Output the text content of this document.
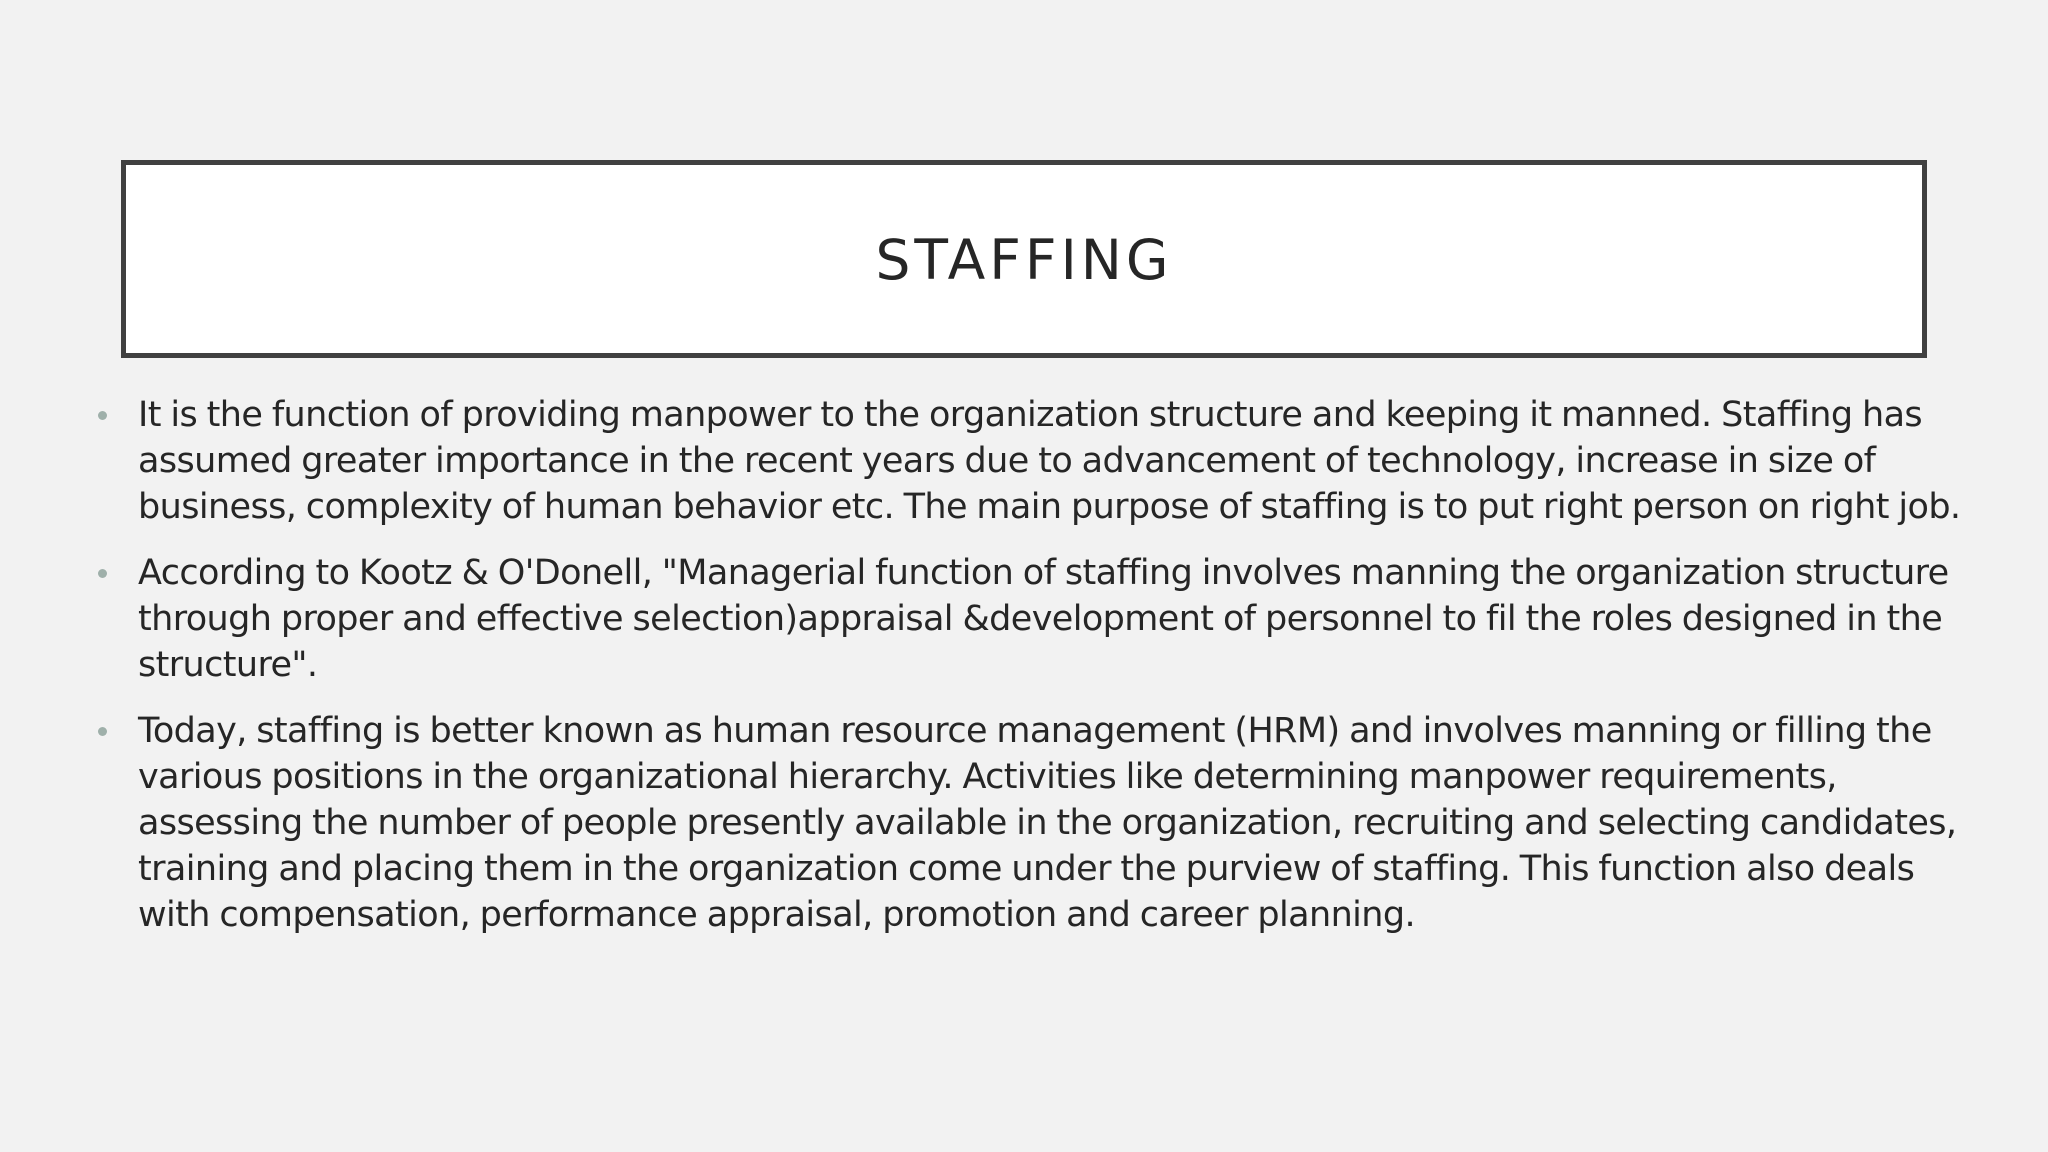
STAFFING
It is the function of providing manpower to the organization structure and keeping it manned. Staffing has assumed greater importance in the recent years due to advancement of technology, increase in size of business, complexity of human behavior etc. The main purpose of staffing is to put right person on right job.
According to Kootz & O'Donell, "Managerial function of staffing involves manning the organization structure through proper and effective selection)appraisal &development of personnel to fil the roles designed in the structure".
Today, staffing is better known as human resource management (HRM) and involves manning or filling the various positions in the organizational hierarchy. Activities like determining manpower requirements, assessing the number of people presently available in the organization, recruiting and selecting candidates, training and placing them in the organization come under the purview of staffing. This function also deals with compensation, performance appraisal, promotion and career planning.
